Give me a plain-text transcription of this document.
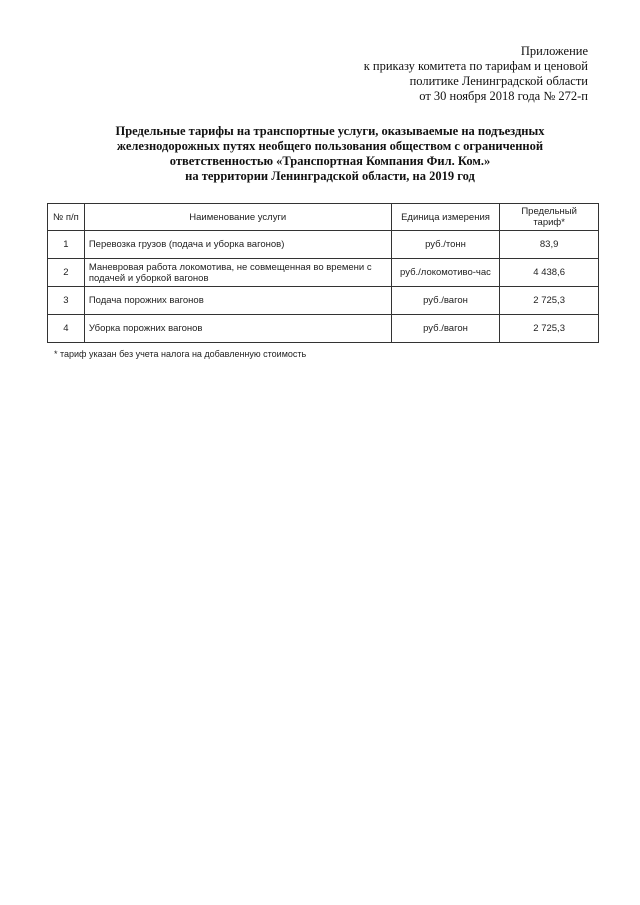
Приложение
к приказу комитета по тарифам и ценовой
политике Ленинградской области
от 30 ноября 2018 года № 272-п
Предельные тарифы на транспортные услуги, оказываемые на подъездных
железнодорожных путях необщего пользования обществом с ограниченной
ответственностью «Транспортная Компания Фил. Ком.»
на территории Ленинградской области, на 2019 год
№ п/п	Наименование услуги	Единица измерения	Предельный тариф*
1	Перевозка грузов (подача и уборка вагонов)	руб./тонн	83,9
2	Маневровая работа локомотива, не совмещенная во времени с подачей и уборкой вагонов	руб./локомотиво-час	4 438,6
3	Подача порожних вагонов	руб./вагон	2 725,3
4	Уборка порожних вагонов	руб./вагон	2 725,3
* тариф указан без учета налога на добавленную стоимость
